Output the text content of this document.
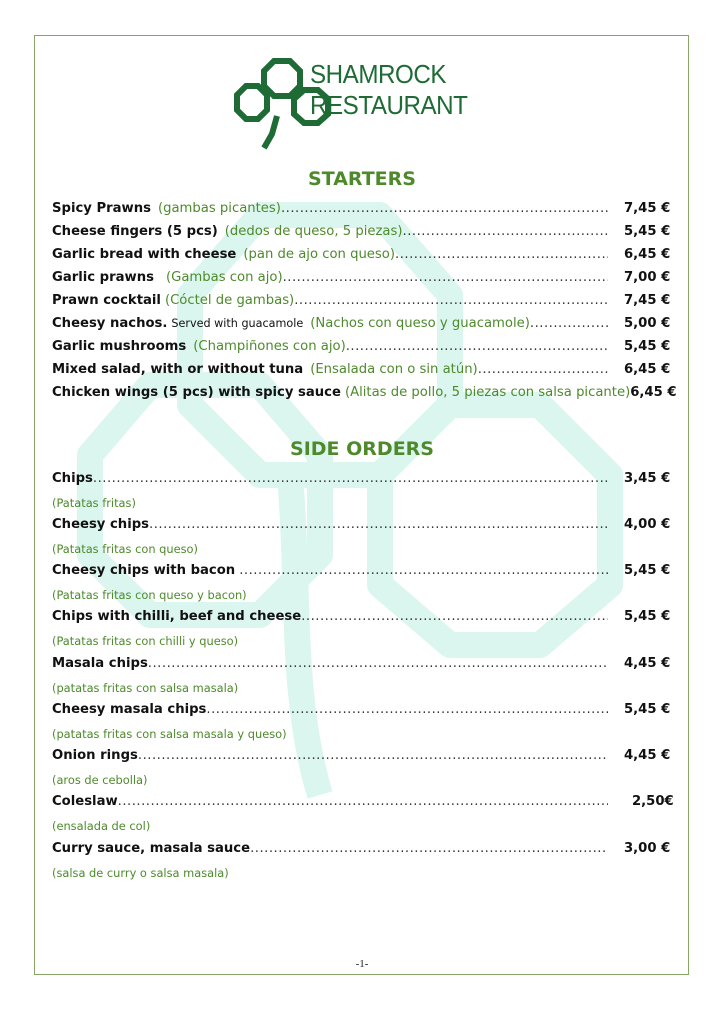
SHAMROCK
RESTAURANT
STARTERS
Spicy Prawns (gambas picantes) .....	7,45 €
Cheese fingers (5 pcs) (dedos de queso, 5 piezas) .....	5,45 €
Garlic bread with cheese (pan de ajo con queso) .....	6,45 €
Garlic prawns (Gambas con ajo) .....	7,00 €
Prawn cocktail (Cóctel de gambas) .....	7,45 €
Cheesy nachos. Served with guacamole (Nachos con queso y guacamole) .....	5,00 €
Garlic mushrooms (Champiñones con ajo) .....	5,45 €
Mixed salad, with or without tuna (Ensalada con o sin atún) .....	6,45 €
Chicken wings (5 pcs) with spicy sauce (Alitas de pollo, 5 piezas con salsa picante) 6,45 €
SIDE ORDERS
Chips .....	3,45 €
(Patatas fritas)
Cheesy chips .....	4,00 €
(Patatas fritas con queso)
Cheesy chips with bacon .....	5,45 €
(Patatas fritas con queso y bacon)
Chips with chilli, beef and cheese .....	5,45 €
(Patatas fritas con chilli y queso)
Masala chips .....	4,45 €
(patatas fritas con salsa masala)
Cheesy masala chips .....	5,45 €
(patatas fritas con salsa masala y queso)
Onion rings .....	4,45 €
(aros de cebolla)
Coleslaw .....	2,50€
(ensalada de col)
Curry sauce, masala sauce .....	3,00 €
(salsa de curry o salsa masala)
-1-
